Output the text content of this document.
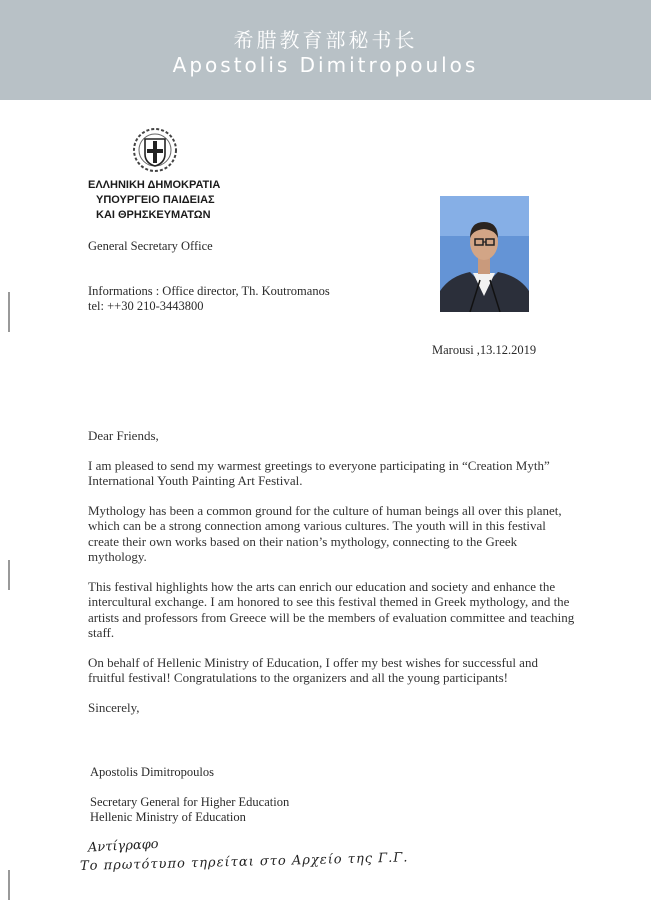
希腊教育部秘书长
Apostolis Dimitropoulos
ΕΛΛΗΝΙΚΗ ΔΗΜΟΚΡΑΤΙΑ
ΥΠΟΥΡΓΕΙΟ ΠΑΙΔΕΙΑΣ
ΚΑΙ ΘΡΗΣΚΕΥΜΑΤΩΝ
General Secretary Office
Informations : Office director, Th. Koutromanos
tel: ++30 210-3443800
Marousi ,13.12.2019

Dear Friends,

I am pleased to send my warmest greetings to everyone participating in “Creation Myth” International Youth Painting Art Festival.

Mythology has been a common ground for the culture of human beings all over this planet, which can be a strong connection among various cultures. The youth will in this festival create their own works based on their nation’s mythology, connecting to the Greek mythology.

This festival highlights how the arts can enrich our education and society and enhance the intercultural exchange. I am honored to see this festival themed in Greek mythology, and the artists and professors from Greece will be the members of evaluation committee and teaching staff.

On behalf of Hellenic Ministry of Education, I offer my best wishes for successful and fruitful festival! Congratulations to the organizers and all the young participants!

Sincerely,

Apostolis Dimitropoulos
Secretary General for Higher Education
Hellenic Ministry of Education
Αντίγραφο
Το πρωτότυπο τηρείται στο Αρχείο της Γ.Γ.
